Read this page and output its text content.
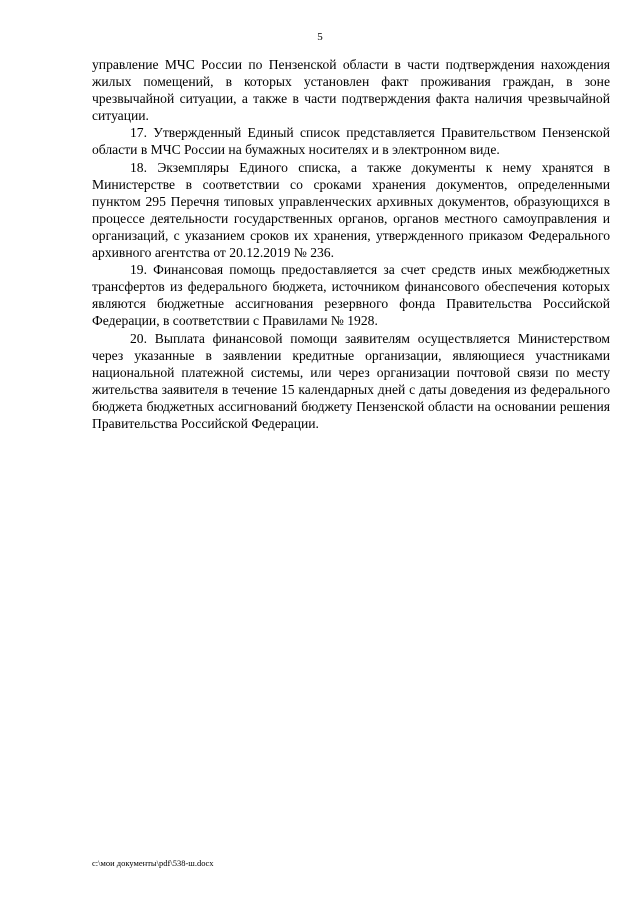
5

управление МЧС России по Пензенской области в части подтверждения нахождения жилых помещений, в которых установлен факт проживания граждан, в зоне чрезвычайной ситуации, а также в части подтверждения факта наличия чрезвычайной ситуации.

17. Утвержденный Единый список представляется Правительством Пензенской области в МЧС России на бумажных носителях и в электронном виде.

18. Экземпляры Единого списка, а также документы к нему хранятся в Министерстве в соответствии со сроками хранения документов, определенными пунктом 295 Перечня типовых управленческих архивных документов, образующихся в процессе деятельности государственных органов, органов местного самоуправления и организаций, с указанием сроков их хранения, утвержденного приказом Федерального архивного агентства от 20.12.2019 № 236.

19. Финансовая помощь предоставляется за счет средств иных межбюджетных трансфертов из федерального бюджета, источником финансового обеспечения которых являются бюджетные ассигнования резервного фонда Правительства Российской Федерации, в соответствии с Правилами № 1928.

20. Выплата финансовой помощи заявителям осуществляется Министерством через указанные в заявлении кредитные организации, являющиеся участниками национальной платежной системы, или через организации почтовой связи по месту жительства заявителя в течение 15 календарных дней с даты доведения из федерального бюджета бюджетных ассигнований бюджету Пензенской области на основании решения Правительства Российской Федерации.

c:\мои документы\pdf\538-ш.docx
